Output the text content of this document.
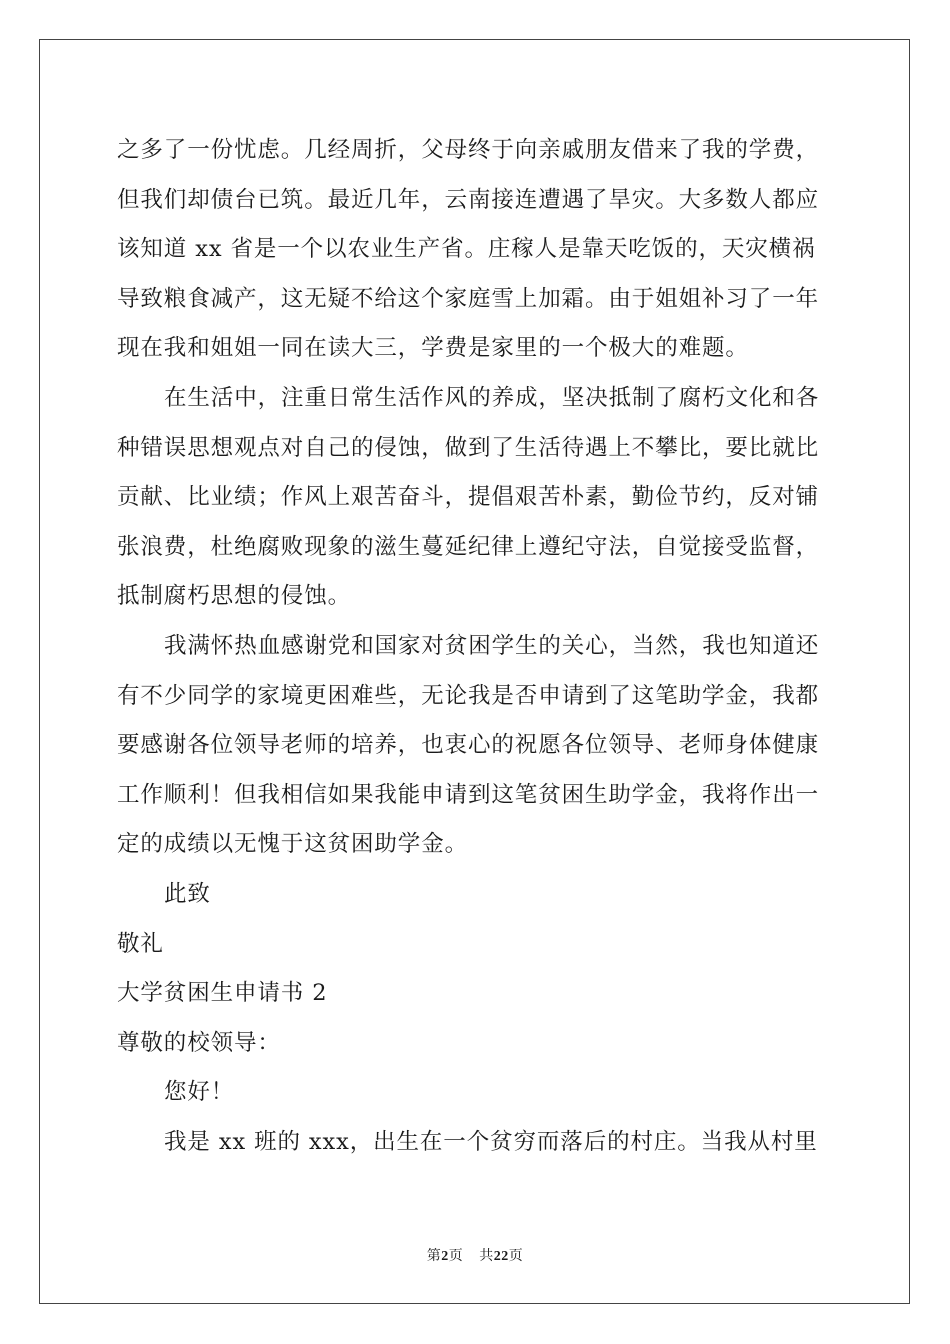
之多了一份忧虑。几经周折，父母终于向亲戚朋友借来了我的学费，
但我们却债台已筑。最近几年，云南接连遭遇了旱灾。大多数人都应
该知道 xx 省是一个以农业生产省。庄稼人是靠天吃饭的，天灾横祸
导致粮食减产，这无疑不给这个家庭雪上加霜。由于姐姐补习了一年
现在我和姐姐一同在读大三，学费是家里的一个极大的难题。
在生活中，注重日常生活作风的养成，坚决抵制了腐朽文化和各
种错误思想观点对自己的侵蚀，做到了生活待遇上不攀比，要比就比
贡献、比业绩；作风上艰苦奋斗，提倡艰苦朴素，勤俭节约，反对铺
张浪费，杜绝腐败现象的滋生蔓延纪律上遵纪守法，自觉接受监督，
抵制腐朽思想的侵蚀。
我满怀热血感谢党和国家对贫困学生的关心，当然，我也知道还
有不少同学的家境更困难些，无论我是否申请到了这笔助学金，我都
要感谢各位领导老师的培养，也衷心的祝愿各位领导、老师身体健康
工作顺利！但我相信如果我能申请到这笔贫困生助学金，我将作出一
定的成绩以无愧于这贫困助学金。
此致
敬礼
大学贫困生申请书 2
尊敬的校领导：
您好！
我是 xx 班的 xxx，出生在一个贫穷而落后的村庄。当我从村里
第2页 共22页
